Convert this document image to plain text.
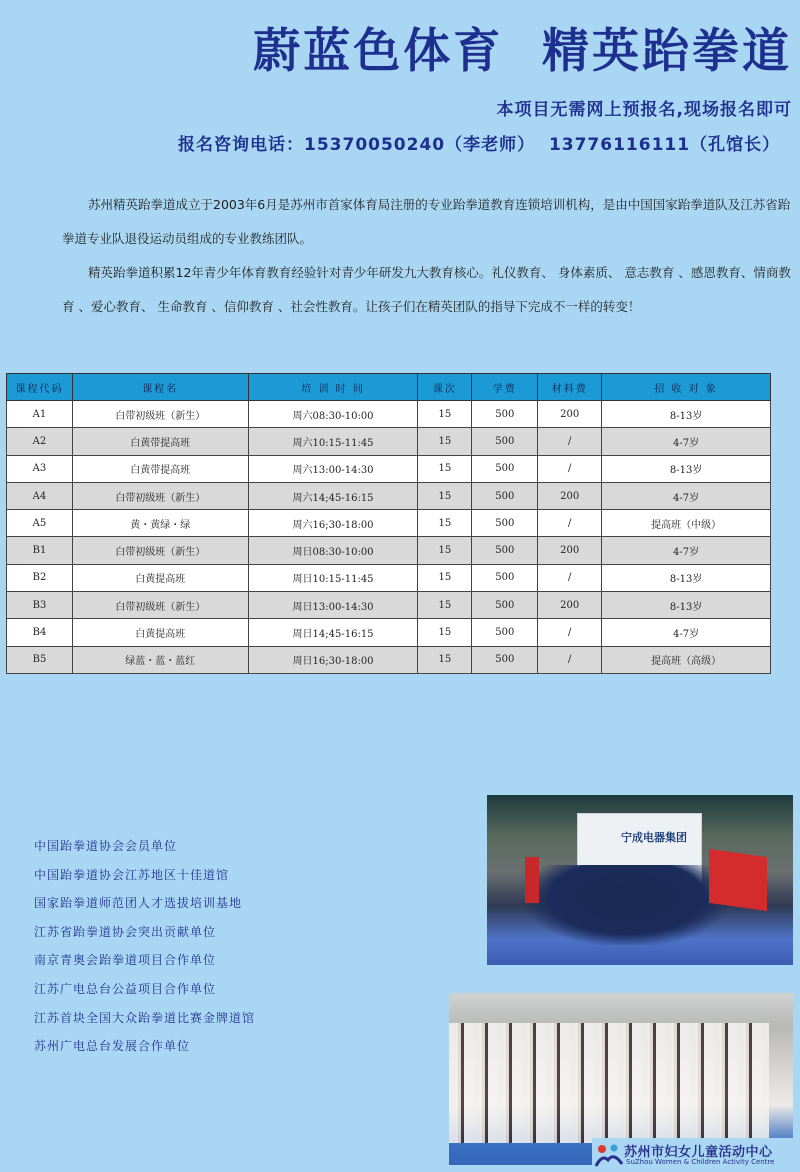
蔚蓝色体育  精英跆拳道
本项目无需网上预报名,现场报名即可
报名咨询电话：15370050240（李老师）  13776116111（孔馆长）

苏州精英跆拳道成立于2003年6月是苏州市首家体育局注册的专业跆拳道教育连锁培训机构，是由中国国家跆拳道队及江苏省跆拳道专业队退役运动员组成的专业教练团队。

精英跆拳道积累12年青少年体育教育经验针对青少年研发九大教育核心。礼仪教育、 身体素质、 意志教育 、感恩教育、情商教育 、爱心教育、 生命教育 、信仰教育 、社会性教育。让孩子们在精英团队的指导下完成不一样的转变！

课程代码	课程名	培 训 时 间	课次	学费	材料费	招 收 对 象
A1	白带初级班（新生）	周六08:30-10:00	15	500	200	8-13岁
A2	白黄带提高班	周六10:15-11:45	15	500	/	4-7岁
A3	白黄带提高班	周六13:00-14:30	15	500	/	8-13岁
A4	白带初级班（新生）	周六14;45-16:15	15	500	200	4-7岁
A5	黄・黄绿・绿	周六16;30-18:00	15	500	/	提高班（中级）
B1	白带初级班（新生）	周日08:30-10:00	15	500	200	4-7岁
B2	白黄提高班	周日10:15-11:45	15	500	/	8-13岁
B3	白带初级班（新生）	周日13:00-14:30	15	500	200	8-13岁
B4	白黄提高班	周日14;45-16:15	15	500	/	4-7岁
B5	绿蓝・蓝・蓝红	周日16;30-18:00	15	500	/	提高班（高级）
中国跆拳道协会会员单位
中国跆拳道协会江苏地区十佳道馆
国家跆拳道师范团人才选拔培训基地
江苏省跆拳道协会突出贡献单位
南京青奥会跆拳道项目合作单位
江苏广电总台公益项目合作单位
江苏首块全国大众跆拳道比赛金牌道馆
苏州广电总台发展合作单位
宁成电器集团
苏州市妇女儿童活动中心
SuZhou Women & Children Activity Centre
